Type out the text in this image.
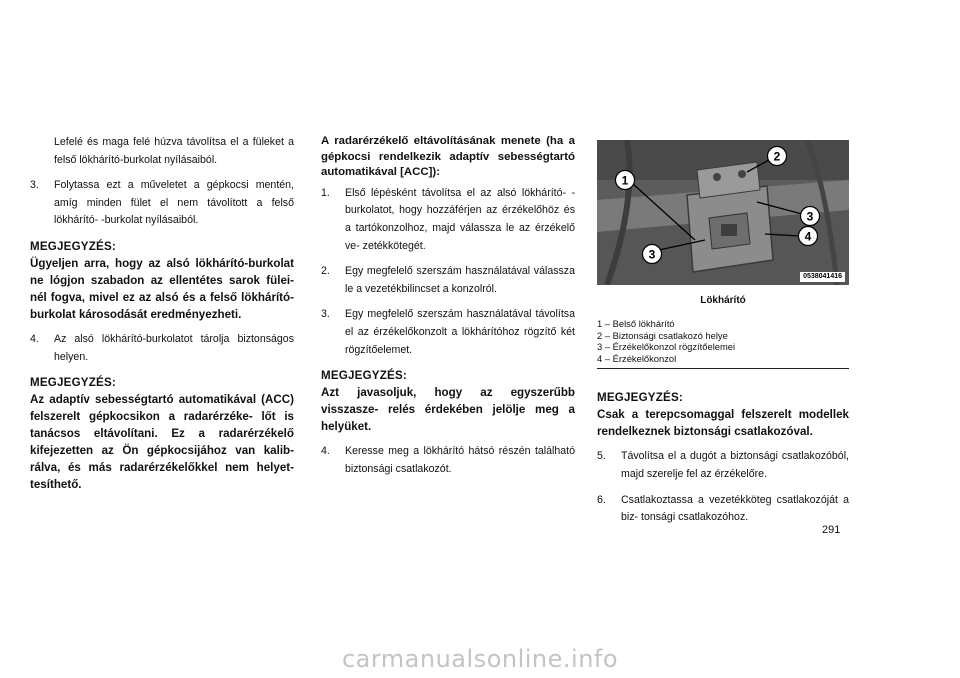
Lefelé és maga felé húzva távolítsa el a füleket a felső lökhárító-burkolat nyílásaiból.

3.	Folytassa ezt a műveletet a gépkocsi mentén, amíg minden fület el nem távolított a felső lökhárító- -burkolat nyílásaiból.

MEGJEGYZÉS:

Ügyeljen arra, hogy az alsó lökhárító-burkolat ne lógjon szabadon az ellentétes sarok fülei- nél fogva, mivel ez az alsó és a felső lökhárító- burkolat károsodását eredményezheti.

4.	Az alsó lökhárító-burkolatot tárolja biztonságos helyen.

MEGJEGYZÉS:

Az adaptív sebességtartó automatikával (ACC) felszerelt gépkocsikon a radarérzéke- lőt is tanácsos eltávolítani. Ez a radarérzékelő kifejezetten az Ön gépkocsijához van kalib- rálva, és más radarérzékelőkkel nem helyet- tesíthető.

A radarérzékelő eltávolításának menete (ha a gépkocsi rendelkezik adaptív sebességtartó automatikával [ACC]):

1.	Első lépésként távolítsa el az alsó lökhárító- -burkolatot, hogy hozzáférjen az érzékelőhöz és a tartókonzolhoz, majd válassza le az érzékelő ve- zetékkötegét.
2.	Egy megfelelő szerszám használatával válassza le a vezetékbilincset a konzolról.
3.	Egy megfelelő szerszám használatával távolítsa el az érzékelőkonzolt a lökhárítóhoz rögzítő két rögzítőelemet.

MEGJEGYZÉS:

Azt javasoljuk, hogy az egyszerűbb visszasze- relés érdekében jelölje meg a helyüket.

4.	Keresse meg a lökhárító hátsó részén található biztonsági csatlakozót.
1
2
3
4
3
0538041416

Lökhárító

1 – Belső lökhárító
2 – Biztonsági csatlakozó helye
3 – Érzékelőkonzol rögzítőelemei
4 – Érzékelőkonzol

MEGJEGYZÉS:

Csak a terepcsomaggal felszerelt modellek rendelkeznek biztonsági csatlakozóval.

5.	Távolítsa el a dugót a biztonsági csatlakozóból, majd szerelje fel az érzékelőre.
6.	Csatlakoztassa a vezetékköteg csatlakozóját a biz- tonsági csatlakozóhoz.
291
carmanualsonline.info
